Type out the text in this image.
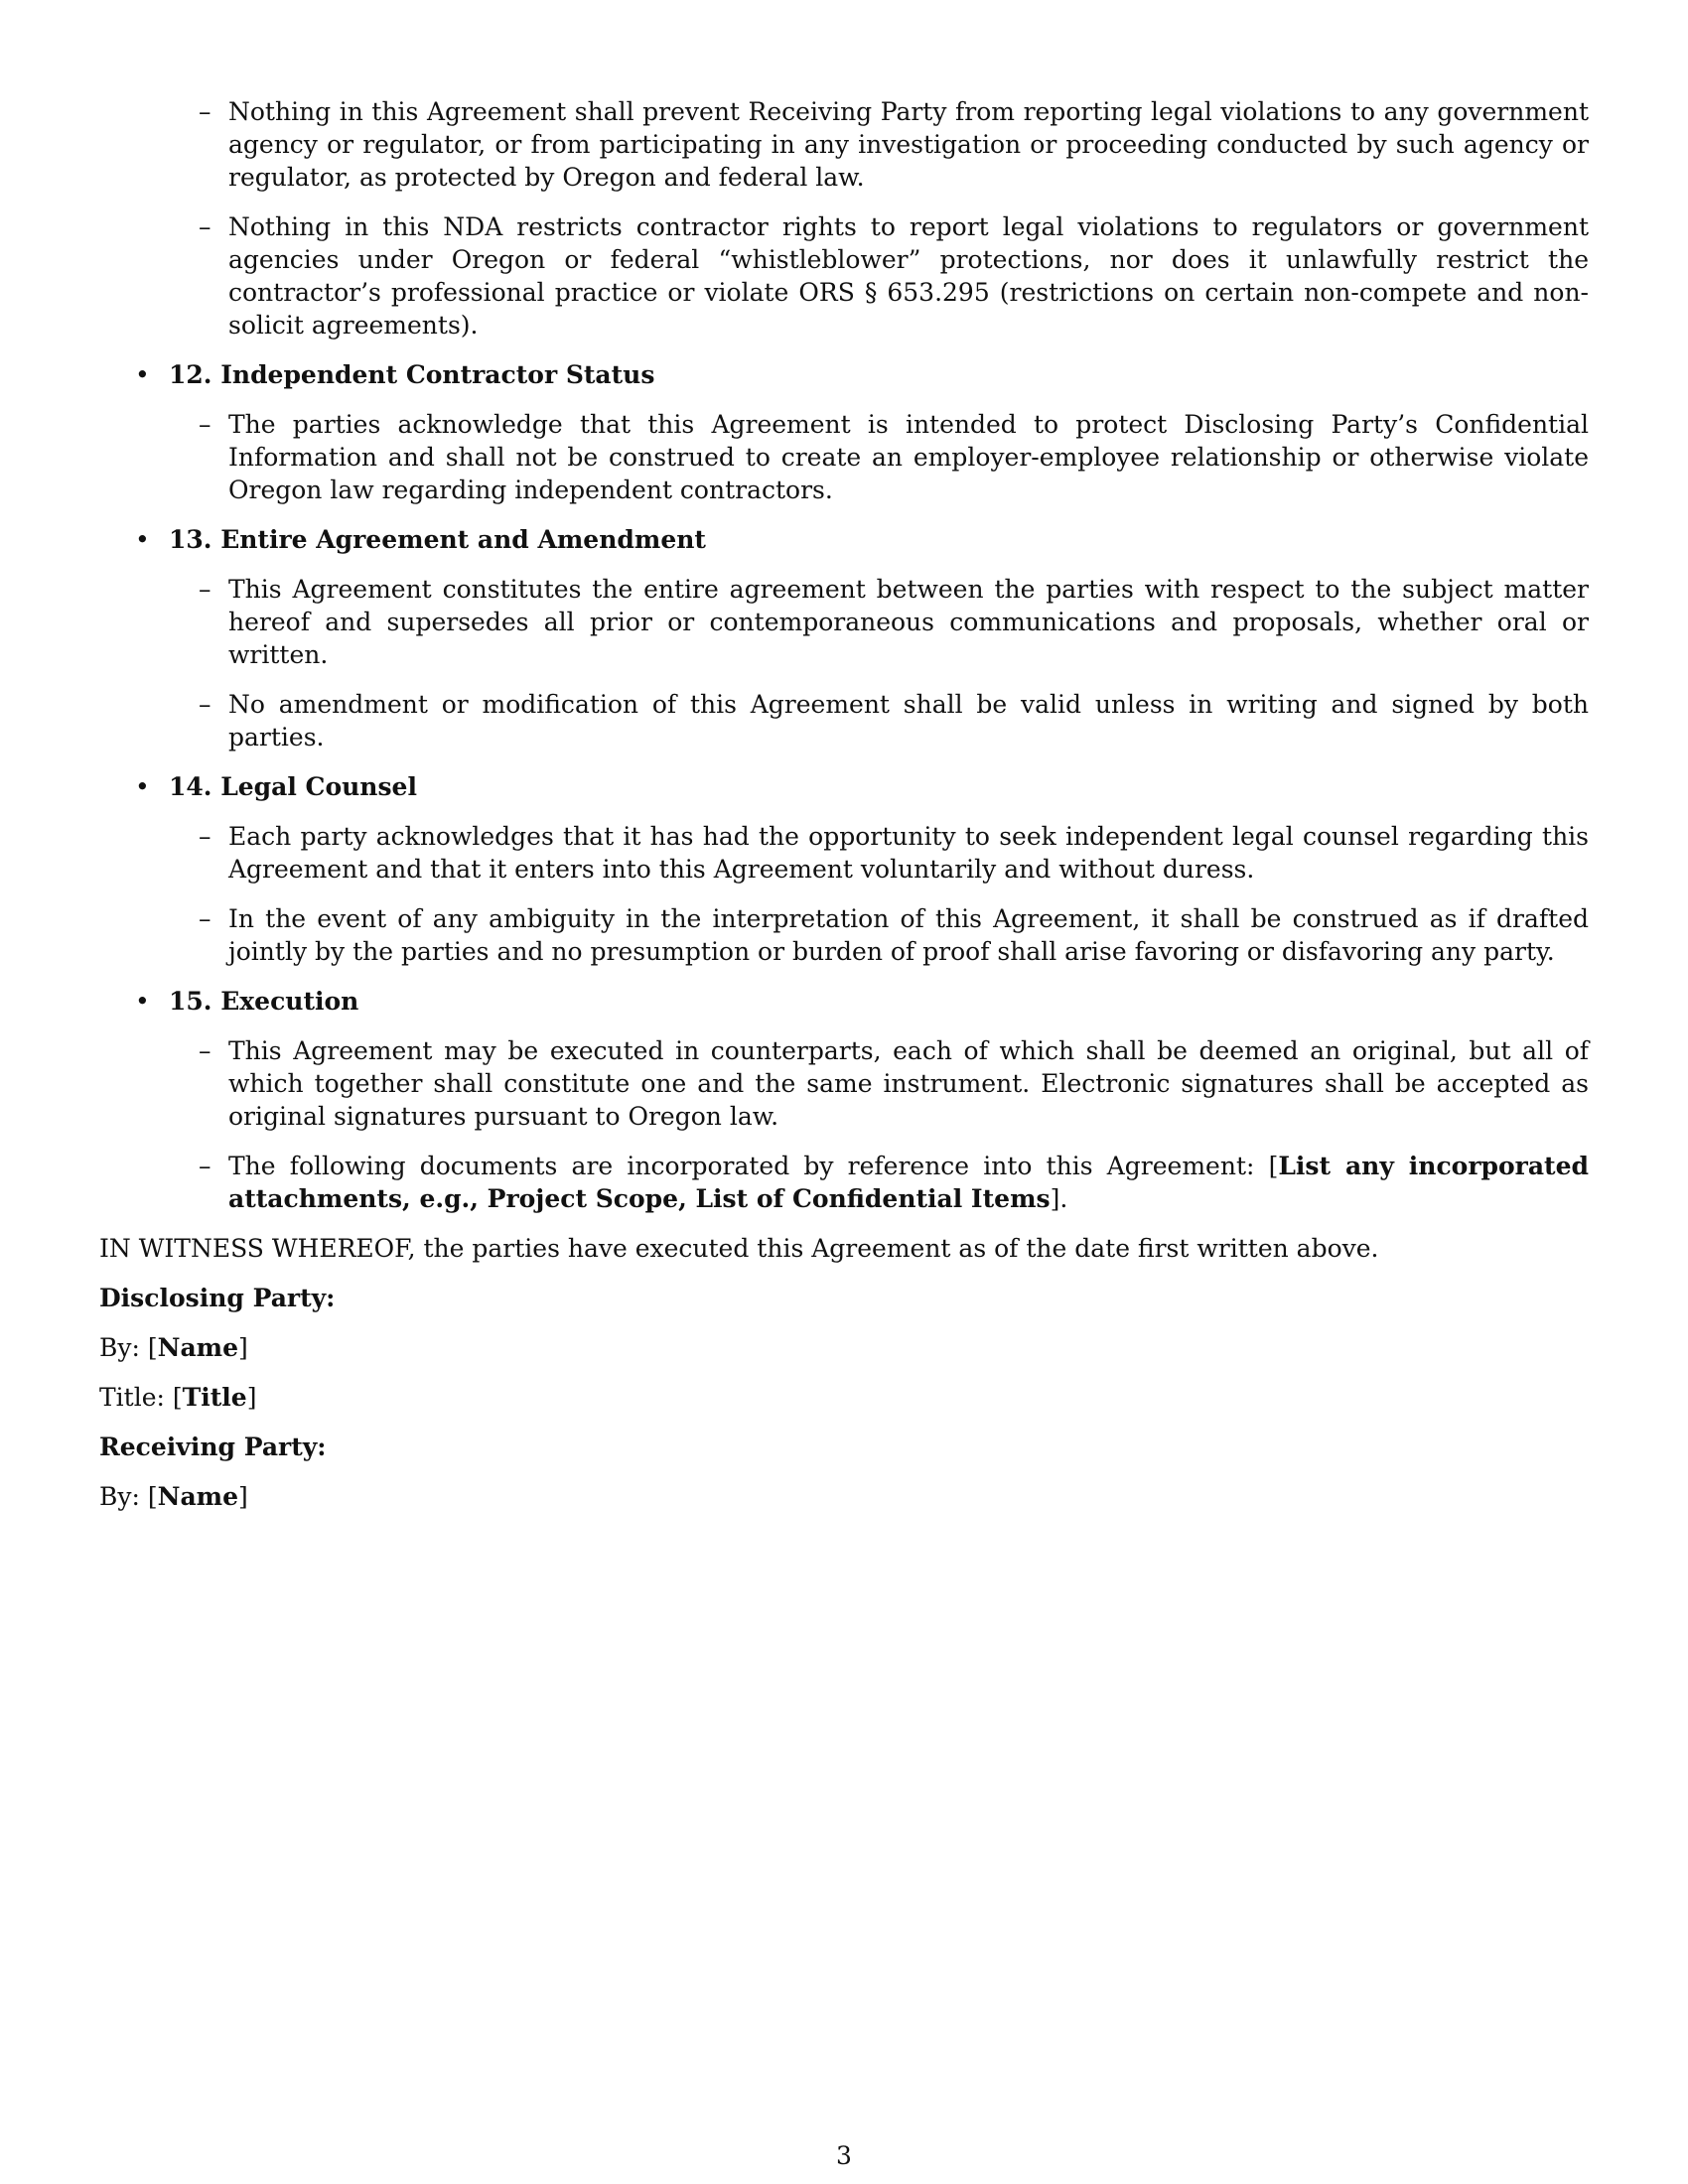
– Nothing in this Agreement shall prevent Receiving Party from reporting legal violations to any government agency or regulator, or from participating in any investigation or proceeding conducted by such agency or regulator, as protected by Oregon and federal law.
– Nothing in this NDA restricts contractor rights to report legal violations to regulators or government agencies under Oregon or federal “whistleblower” protections, nor does it unlawfully restrict the contractor’s professional practice or violate ORS § 653.295 (restrictions on certain non-compete and non-solicit agreements).
• 12. Independent Contractor Status
– The parties acknowledge that this Agreement is intended to protect Disclosing Party’s Confidential Information and shall not be construed to create an employer-employee relationship or otherwise violate Oregon law regarding independent contractors.
• 13. Entire Agreement and Amendment
– This Agreement constitutes the entire agreement between the parties with respect to the subject matter hereof and supersedes all prior or contemporaneous communications and proposals, whether oral or written.
– No amendment or modification of this Agreement shall be valid unless in writing and signed by both parties.
• 14. Legal Counsel
– Each party acknowledges that it has had the opportunity to seek independent legal counsel regarding this Agreement and that it enters into this Agreement voluntarily and without duress.
– In the event of any ambiguity in the interpretation of this Agreement, it shall be construed as if drafted jointly by the parties and no presumption or burden of proof shall arise favoring or disfavoring any party.
• 15. Execution
– This Agreement may be executed in counterparts, each of which shall be deemed an original, but all of which together shall constitute one and the same instrument. Electronic signatures shall be accepted as original signatures pursuant to Oregon law.
– The following documents are incorporated by reference into this Agreement: [List any incorporated attachments, e.g., Project Scope, List of Confidential Items].
IN WITNESS WHEREOF, the parties have executed this Agreement as of the date first written above.
Disclosing Party:
By: [Name]
Title: [Title]
Receiving Party:
By: [Name]
3
